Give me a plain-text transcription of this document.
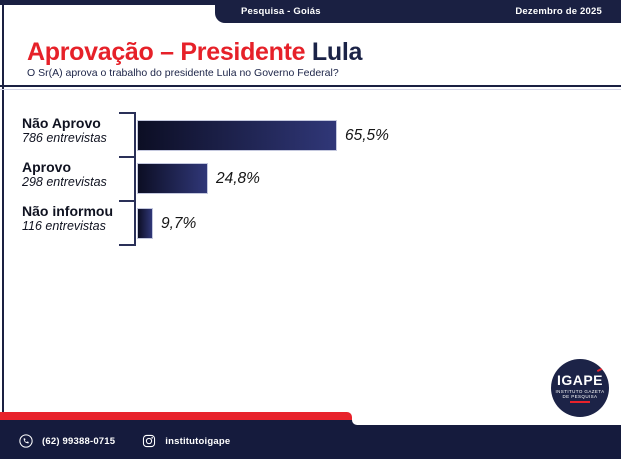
Pesquisa - Goiás	Dezembro de 2025
Aprovação – Presidente Lula
O Sr(A) aprova o trabalho do presidente Lula no Governo Federal?
Não Aprovo
786 entrevistas	65,5%
Aprovo
298 entrevistas	24,8%
Não informou
116 entrevistas	9,7%
(62) 99388-0715	institutoigape
IGAPE
INSTITUTO GAZETA
DE PESQUISA
